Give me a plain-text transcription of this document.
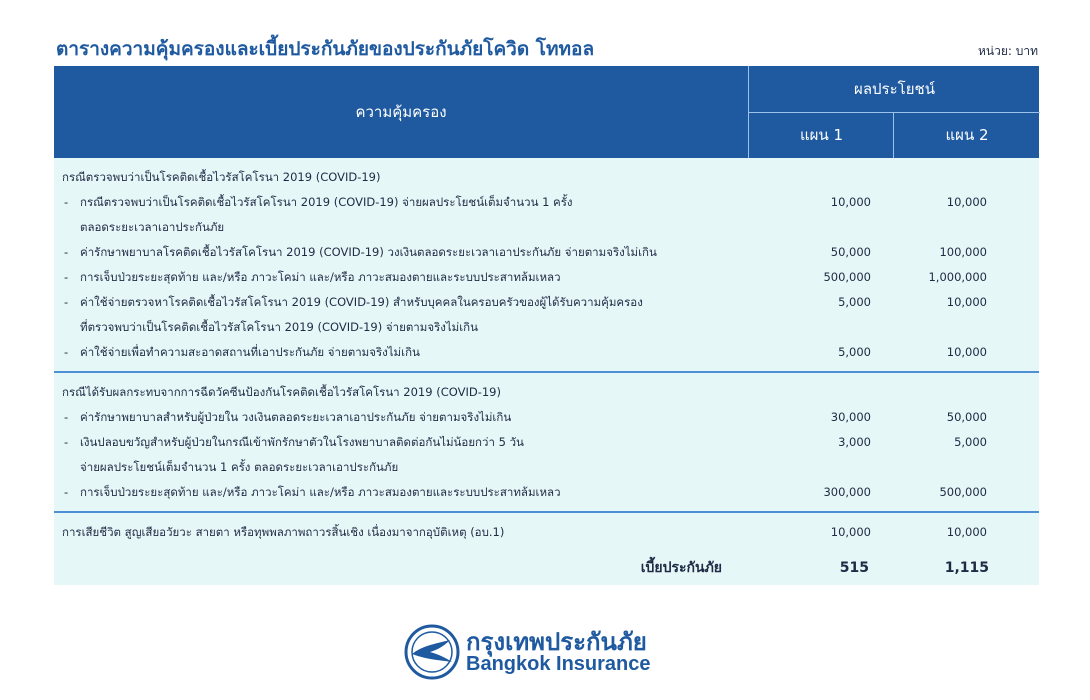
ตารางความคุ้มครองและเบี้ยประกันภัยของประกันภัยโควิด โททอล	หน่วย: บาท
ความคุ้มครอง
ผลประโยชน์
แผน 1	แผน 2
กรณีตรวจพบว่าเป็นโรคติดเชื้อไวรัสโคโรนา 2019 (COVID-19)
- กรณีตรวจพบว่าเป็นโรคติดเชื้อไวรัสโคโรนา 2019 (COVID-19) จ่ายผลประโยชน์เต็มจำนวน 1 ครั้ง	10,000	10,000
ตลอดระยะเวลาเอาประกันภัย
- ค่ารักษาพยาบาลโรคติดเชื้อไวรัสโคโรนา 2019 (COVID-19) วงเงินตลอดระยะเวลาเอาประกันภัย จ่ายตามจริงไม่เกิน	50,000	100,000
- การเจ็บป่วยระยะสุดท้าย และ/หรือ ภาวะโคม่า และ/หรือ ภาวะสมองตายและระบบประสาทล้มเหลว	500,000	1,000,000
- ค่าใช้จ่ายตรวจหาโรคติดเชื้อไวรัสโคโรนา 2019 (COVID-19) สำหรับบุคคลในครอบครัวของผู้ได้รับความคุ้มครอง	5,000	10,000
ที่ตรวจพบว่าเป็นโรคติดเชื้อไวรัสโคโรนา 2019 (COVID-19) จ่ายตามจริงไม่เกิน
- ค่าใช้จ่ายเพื่อทำความสะอาดสถานที่เอาประกันภัย จ่ายตามจริงไม่เกิน	5,000	10,000
กรณีได้รับผลกระทบจากการฉีดวัคซีนป้องกันโรคติดเชื้อไวรัสโคโรนา 2019 (COVID-19)
- ค่ารักษาพยาบาลสำหรับผู้ป่วยใน วงเงินตลอดระยะเวลาเอาประกันภัย จ่ายตามจริงไม่เกิน	30,000	50,000
- เงินปลอบขวัญสำหรับผู้ป่วยในกรณีเข้าพักรักษาตัวในโรงพยาบาลติดต่อกันไม่น้อยกว่า 5 วัน	3,000	5,000
จ่ายผลประโยชน์เต็มจำนวน 1 ครั้ง ตลอดระยะเวลาเอาประกันภัย
- การเจ็บป่วยระยะสุดท้าย และ/หรือ ภาวะโคม่า และ/หรือ ภาวะสมองตายและระบบประสาทล้มเหลว	300,000	500,000
การเสียชีวิต สูญเสียอวัยวะ สายตา หรือทุพพลภาพถาวรสิ้นเชิง เนื่องมาจากอุบัติเหตุ (อบ.1)	10,000	10,000
เบี้ยประกันภัย	515	1,115
กรุงเทพประกันภัย
Bangkok Insurance
